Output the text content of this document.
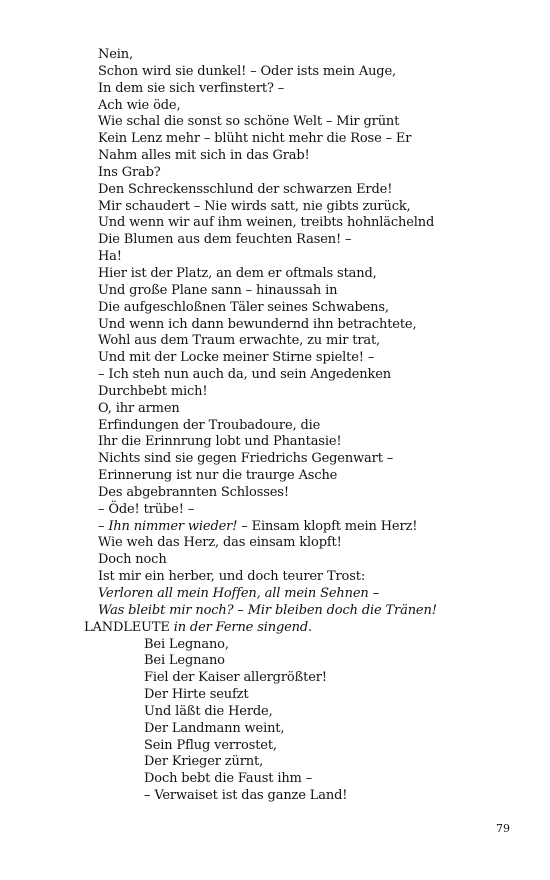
Nein,
Schon wird sie dunkel! – Oder ists mein Auge,
In dem sie sich verfinstert? –
Ach wie öde,
Wie schal die sonst so schöne Welt – Mir grünt
Kein Lenz mehr – blüht nicht mehr die Rose – Er
Nahm alles mit sich in das Grab!
Ins Grab?
Den Schreckensschlund der schwarzen Erde!
Mir schaudert – Nie wirds satt, nie gibts zurück,
Und wenn wir auf ihm weinen, treibts hohnlächelnd
Die Blumen aus dem feuchten Rasen! –
Ha!
Hier ist der Platz, an dem er oftmals stand,
Und große Plane sann – hinaussah in
Die aufgeschloßnen Täler seines Schwabens,
Und wenn ich dann bewundernd ihn betrachtete,
Wohl aus dem Traum erwachte, zu mir trat,
Und mit der Locke meiner Stirne spielte! –
– Ich steh nun auch da, und sein Angedenken
Durchbebt mich!
O, ihr armen
Erfindungen der Troubadoure, die
Ihr die Erinnrung lobt und Phantasie!
Nichts sind sie gegen Friedrichs Gegenwart –
Erinnerung ist nur die traurge Asche
Des abgebrannten Schlosses!
– Öde! trübe! –
– Ihn nimmer wieder! – Einsam klopft mein Herz!
Wie weh das Herz, das einsam klopft!
Doch noch
Ist mir ein herber, und doch teurer Trost:
Verloren all mein Hoffen, all mein Sehnen –
Was bleibt mir noch? – Mir bleiben doch die Tränen!
LANDLEUTE in der Ferne singend.
Bei Legnano,
Bei Legnano
Fiel der Kaiser allergrößter!
Der Hirte seufzt
Und läßt die Herde,
Der Landmann weint,
Sein Pflug verrostet,
Der Krieger zürnt,
Doch bebt die Faust ihm –
– Verwaiset ist das ganze Land!
79
